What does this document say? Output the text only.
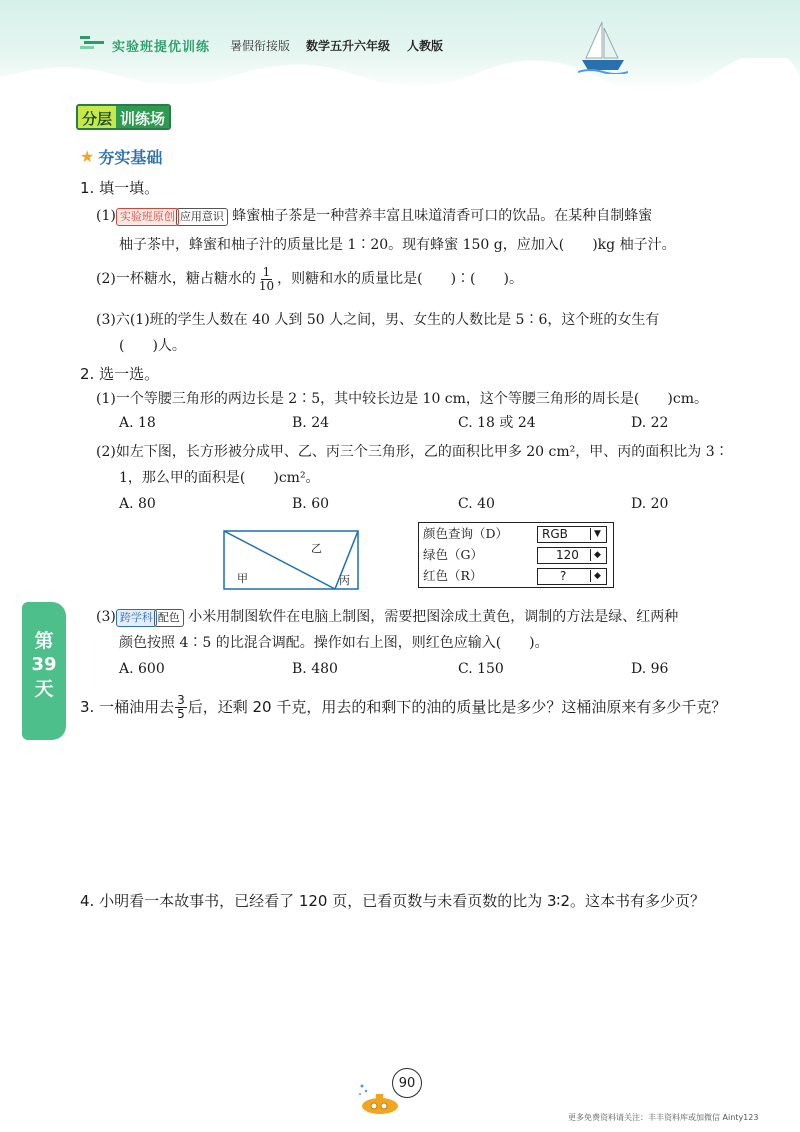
实验班提优训练 暑假衔接版 数学五升六年级 人教版
分层 训练场
★ 夯实基础
1. 填一填。
(1) 实验班原创 应用意识 蜂蜜柚子茶是一种营养丰富且味道清香可口的饮品。在某种自制蜂蜜
柚子茶中，蜂蜜和柚子汁的质量比是 1∶20。现有蜂蜜 150 g，应加入(　　)kg 柚子汁。
(2)一杯糖水，糖占糖水的 $\frac{1}{10}$ ，则糖和水的质量比是(　　)∶(　　)。
(3)六(1)班的学生人数在 40 人到 50 人之间，男、女生的人数比是 5∶6，这个班的女生有
(　　)人。
2. 选一选。
(1)一个等腰三角形的两边长是 2∶5，其中较长边是 10 cm，这个等腰三角形的周长是(　　)cm。
A. 18	B. 24	C. 18 或 24	D. 22
(2)如左下图，长方形被分成甲、乙、丙三个三角形，乙的面积比甲多 20 cm²，甲、丙的面积比为 3∶
1，那么甲的面积是(　　)cm²。
A. 80	B. 60	C. 40	D. 20
甲
乙
丙
颜色查询（D）	RGB	▼
绿色（G）	120	◆
红色（R）	?	◆
(3) 跨学科 配色 小米用制图软件在电脑上制图，需要把图涂成土黄色，调制的方法是绿、红两种
颜色按照 4∶5 的比混合调配。操作如右上图，则红色应输入(　　)。
A. 600	B. 480	C. 150	D. 96
第
39
天
3. 一桶油用去 $\frac{3}{5}$ 后，还剩 20 千克，用去的和剩下的油的质量比是多少？这桶油原来有多少千克？
4. 小明看一本故事书，已经看了 120 页，已看页数与未看页数的比为 3∶2。这本书有多少页？
90
更多免费资料请关注：丰丰资料库或加微信 Ainty123
